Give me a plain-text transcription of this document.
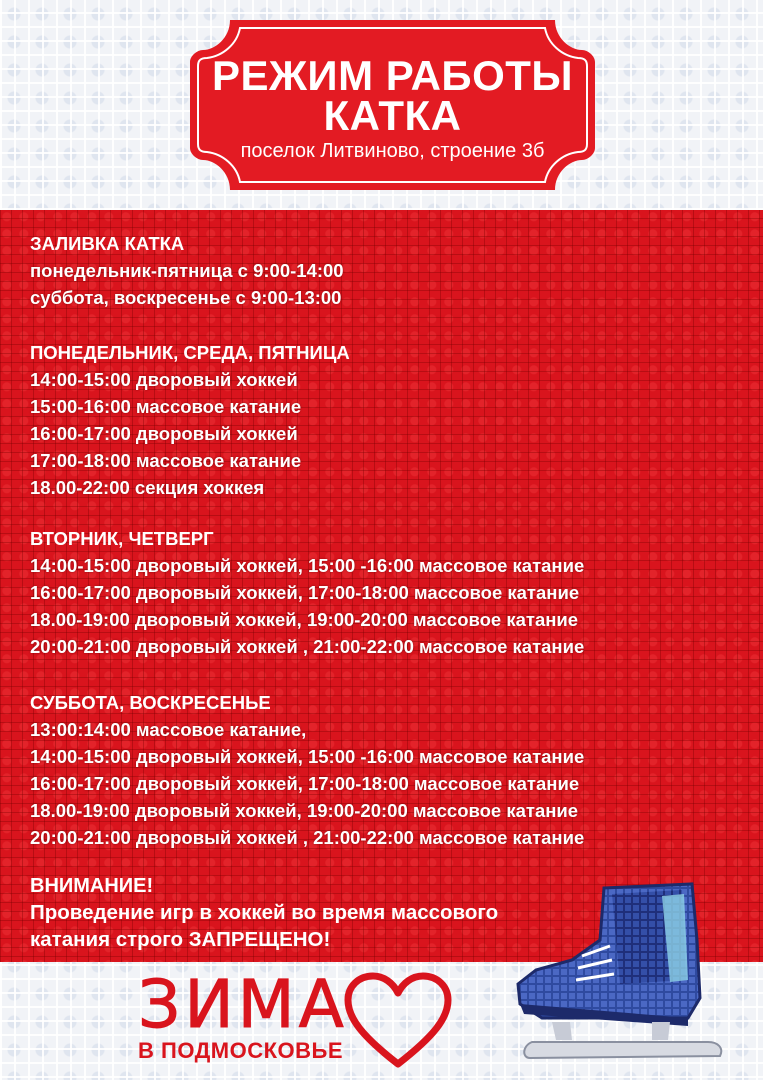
РЕЖИМ РАБОТЫ
КАТКА
поселок Литвиново, строение 3б
ЗАЛИВКА КАТКА
понедельник-пятница с 9:00-14:00
суббота, воскресенье с 9:00-13:00
ПОНЕДЕЛЬНИК, СРЕДА, ПЯТНИЦА
14:00-15:00 дворовый хоккей
15:00-16:00 массовое катание
16:00-17:00 дворовый хоккей
17:00-18:00 массовое катание
18.00-22:00 секция хоккея
ВТОРНИК, ЧЕТВЕРГ
14:00-15:00 дворовый хоккей, 15:00 -16:00 массовое катание
16:00-17:00 дворовый хоккей, 17:00-18:00 массовое катание
18.00-19:00 дворовый хоккей, 19:00-20:00 массовое катание
20:00-21:00 дворовый хоккей , 21:00-22:00 массовое катание
СУББОТА, ВОСКРЕСЕНЬЕ
13:00:14:00 массовое катание,
14:00-15:00 дворовый хоккей, 15:00 -16:00 массовое катание
16:00-17:00 дворовый хоккей, 17:00-18:00 массовое катание
18.00-19:00 дворовый хоккей, 19:00-20:00 массовое катание
20:00-21:00 дворовый хоккей , 21:00-22:00 массовое катание
ВНИМАНИЕ!
Проведение игр в хоккей во время массового
катания строго ЗАПРЕЩЕНО!
ЗИМА
В ПОДМОСКОВЬЕ
